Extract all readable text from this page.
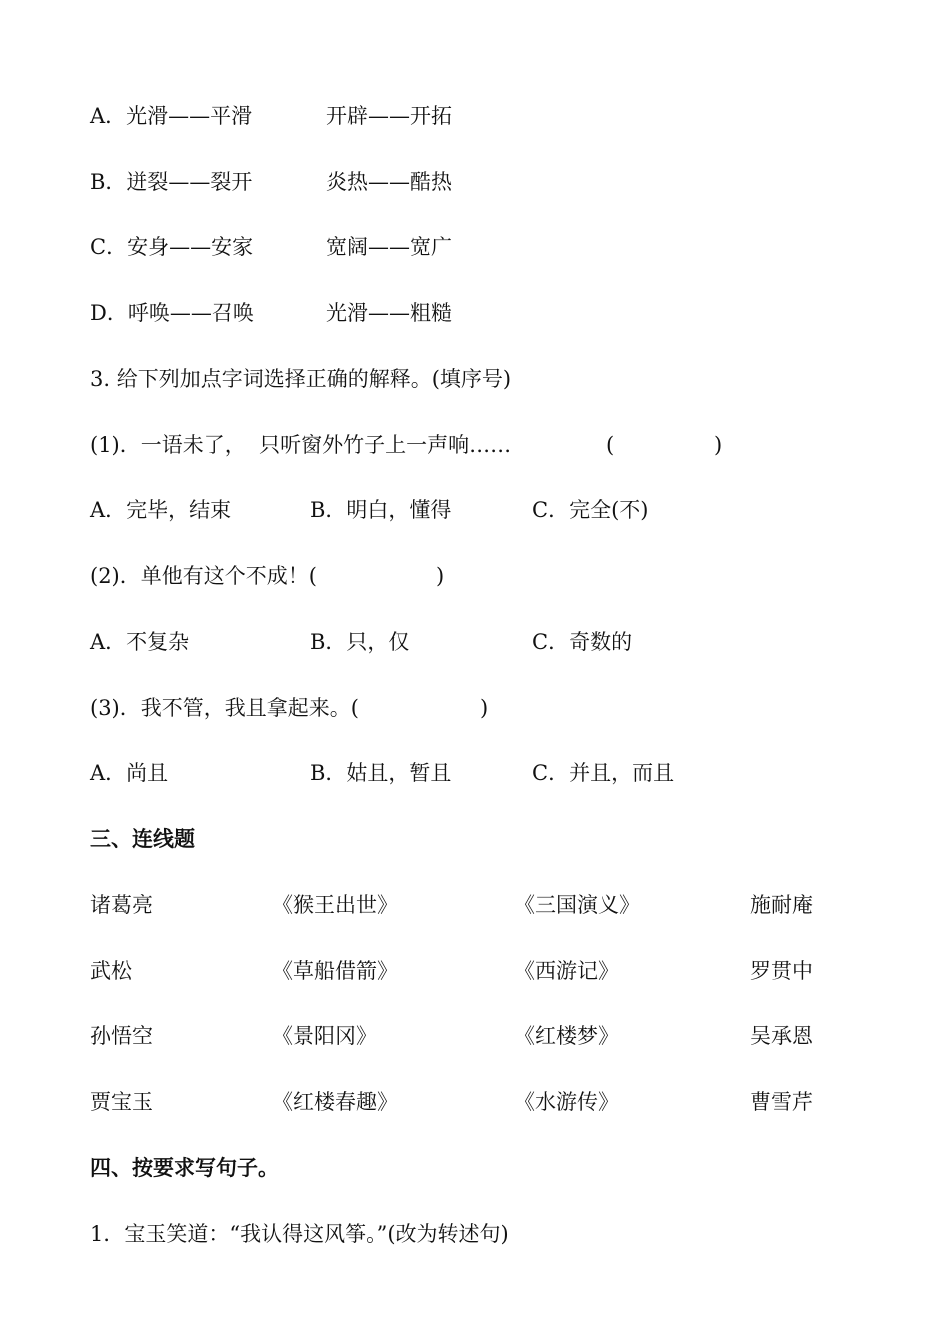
A．光滑——平滑	开辟——开拓
B．迸裂——裂开	炎热——酷热
C．安身——安家	宽阔——宽广
D．呼唤——召唤	光滑——粗糙
3. 给下列加点字词选择正确的解释。(填序号)
(1)．一语未了，  只听窗外竹子上一声响……	(	)
A．完毕，结束	B．明白，懂得	C．完全(不)
(2)．单他有这个不成！(	)
A．不复杂	B．只，仅	C．奇数的
(3)．我不管，我且拿起来。(	)
A．尚且	B．姑且，暂且	C．并且，而且
三、连线题
诸葛亮	《猴王出世》	《三国演义》	施耐庵
武松	《草船借箭》	《西游记》	罗贯中
孙悟空	《景阳冈》	《红楼梦》	吴承恩
贾宝玉	《红楼春趣》	《水游传》	曹雪芹
四、按要求写句子。
1．宝玉笑道：“我认得这风筝。”(改为转述句)
